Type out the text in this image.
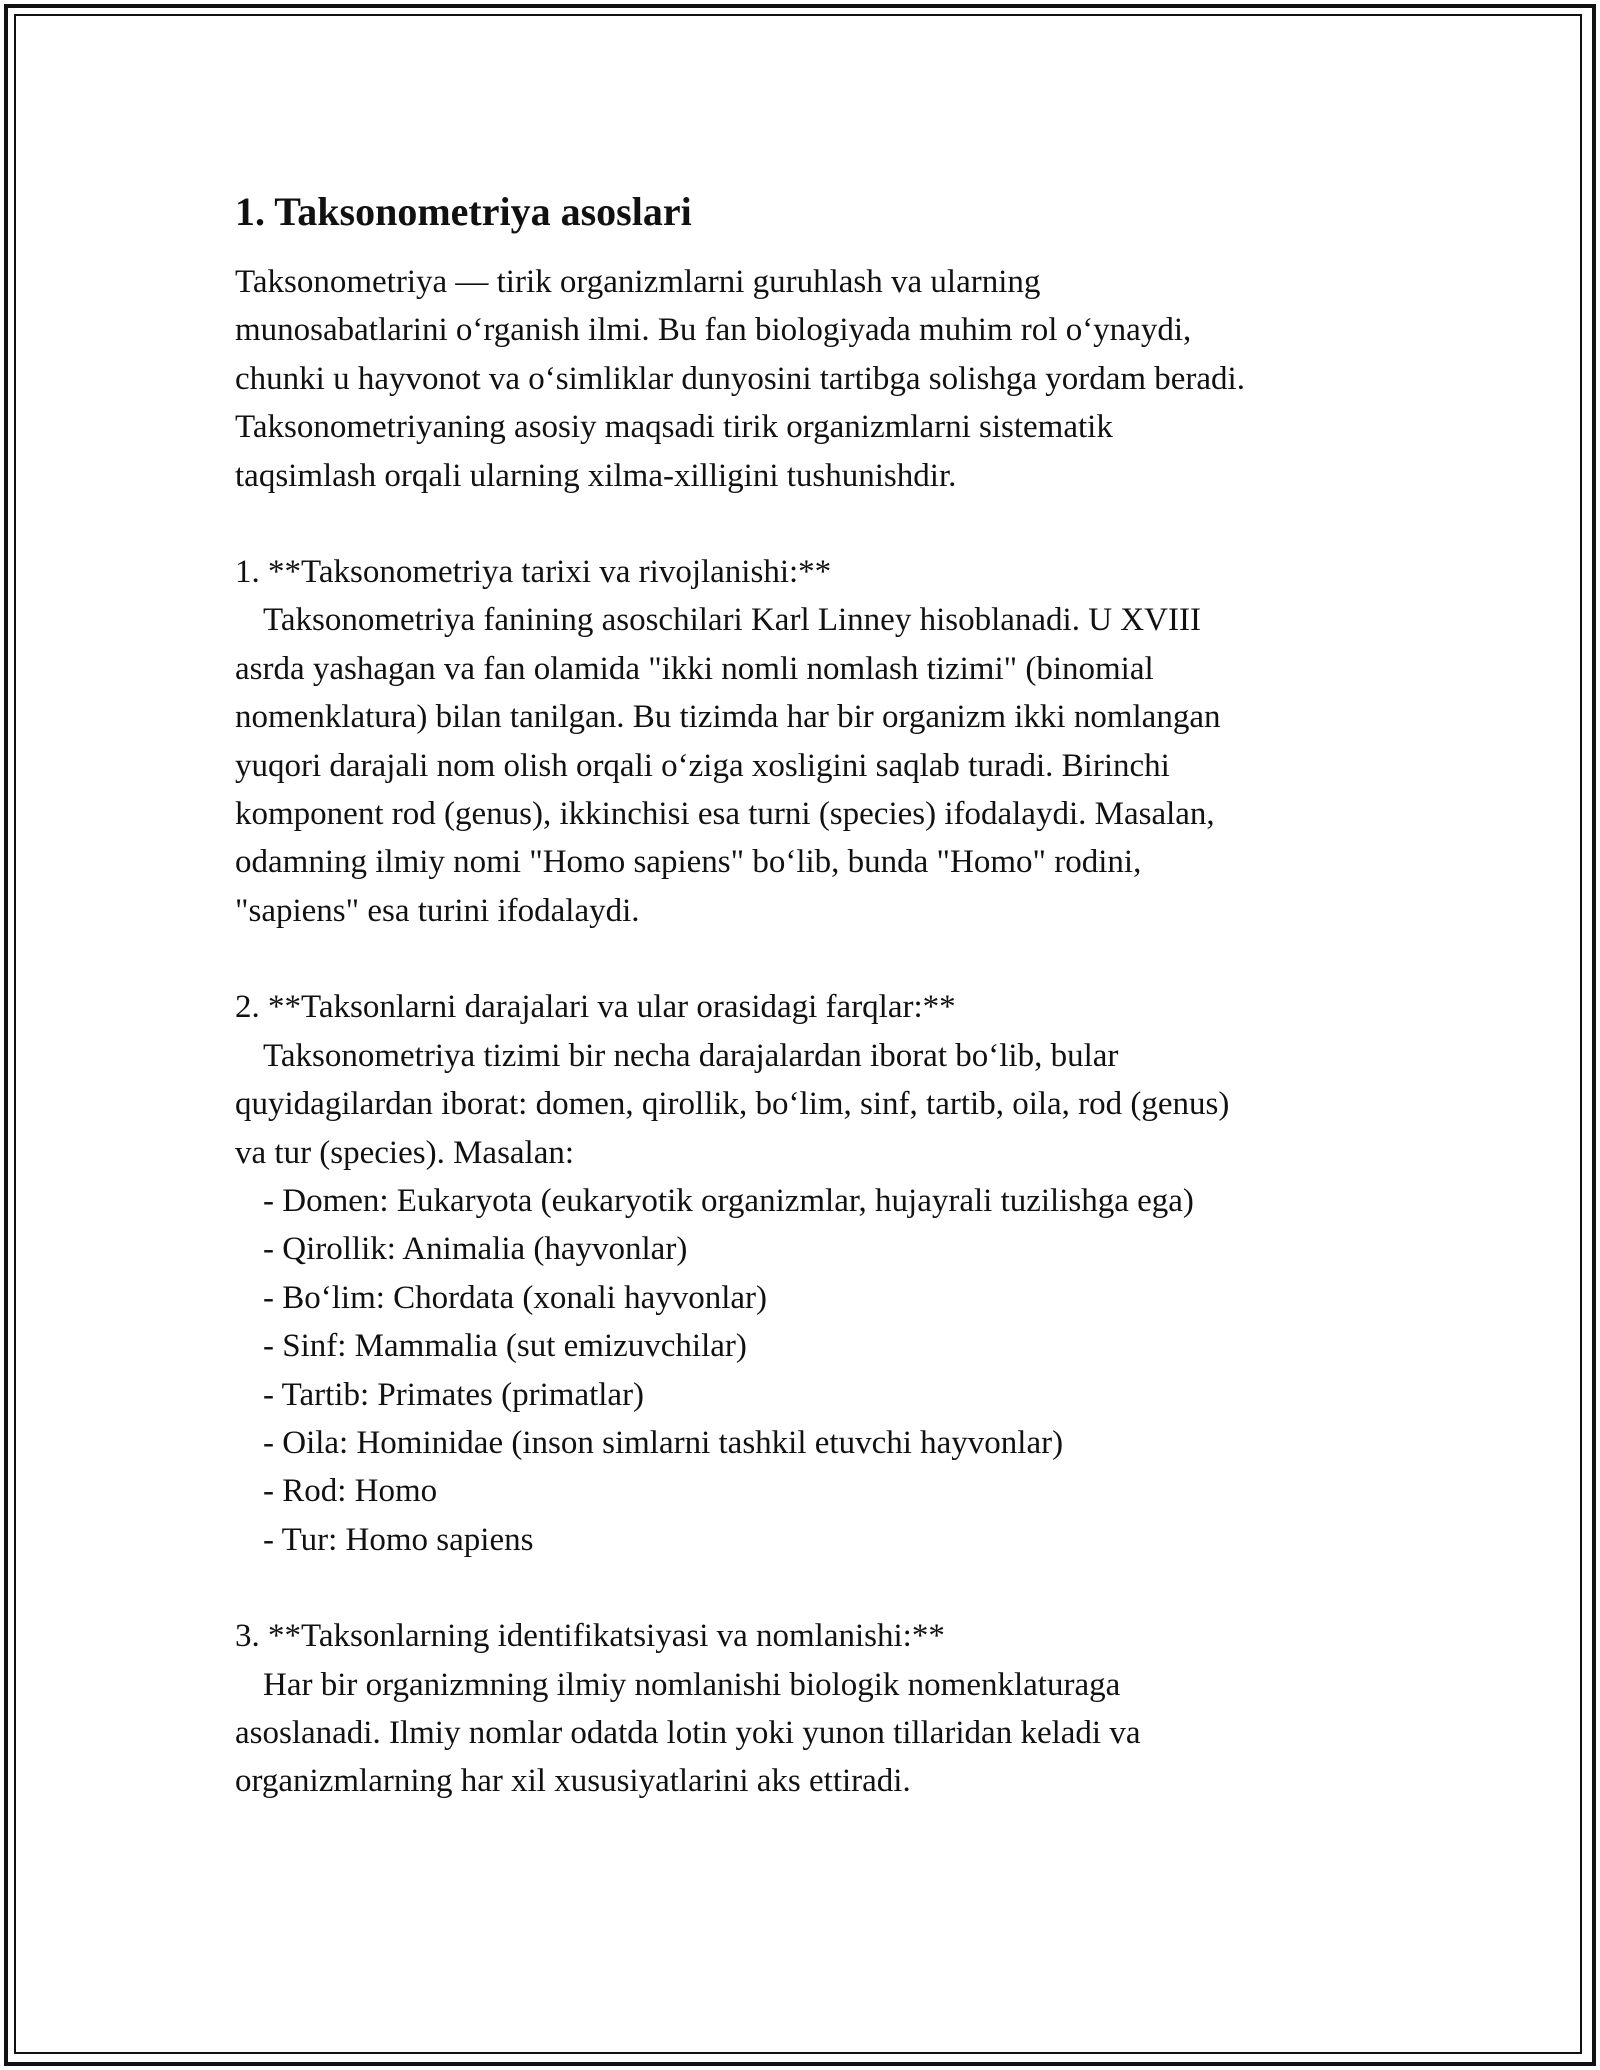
1. Taksonometriya asoslari
Taksonometriya — tirik organizmlarni guruhlash va ularning
munosabatlarini oʻrganish ilmi. Bu fan biologiyada muhim rol oʻynaydi,
chunki u hayvonot va oʻsimliklar dunyosini tartibga solishga yordam beradi.
Taksonometriyaning asosiy maqsadi tirik organizmlarni sistematik
taqsimlash orqali ularning xilma-xilligini tushunishdir.
1. **Taksonometriya tarixi va rivojlanishi:**
Taksonometriya fanining asoschilari Karl Linney hisoblanadi. U XVIII
asrda yashagan va fan olamida "ikki nomli nomlash tizimi" (binomial
nomenklatura) bilan tanilgan. Bu tizimda har bir organizm ikki nomlangan
yuqori darajali nom olish orqali oʻziga xosligini saqlab turadi. Birinchi
komponent rod (genus), ikkinchisi esa turni (species) ifodalaydi. Masalan,
odamning ilmiy nomi "Homo sapiens" boʻlib, bunda "Homo" rodini,
"sapiens" esa turini ifodalaydi.
2. **Taksonlarni darajalari va ular orasidagi farqlar:**
Taksonometriya tizimi bir necha darajalardan iborat boʻlib, bular
quyidagilardan iborat: domen, qirollik, boʻlim, sinf, tartib, oila, rod (genus)
va tur (species). Masalan:
- Domen: Eukaryota (eukaryotik organizmlar, hujayrali tuzilishga ega)
- Qirollik: Animalia (hayvonlar)
- Boʻlim: Chordata (xonali hayvonlar)
- Sinf: Mammalia (sut emizuvchilar)
- Tartib: Primates (primatlar)
- Oila: Hominidae (inson simlarni tashkil etuvchi hayvonlar)
- Rod: Homo
- Tur: Homo sapiens
3. **Taksonlarning identifikatsiyasi va nomlanishi:**
Har bir organizmning ilmiy nomlanishi biologik nomenklaturaga
asoslanadi. Ilmiy nomlar odatda lotin yoki yunon tillaridan keladi va
organizmlarning har xil xususiyatlarini aks ettiradi.
